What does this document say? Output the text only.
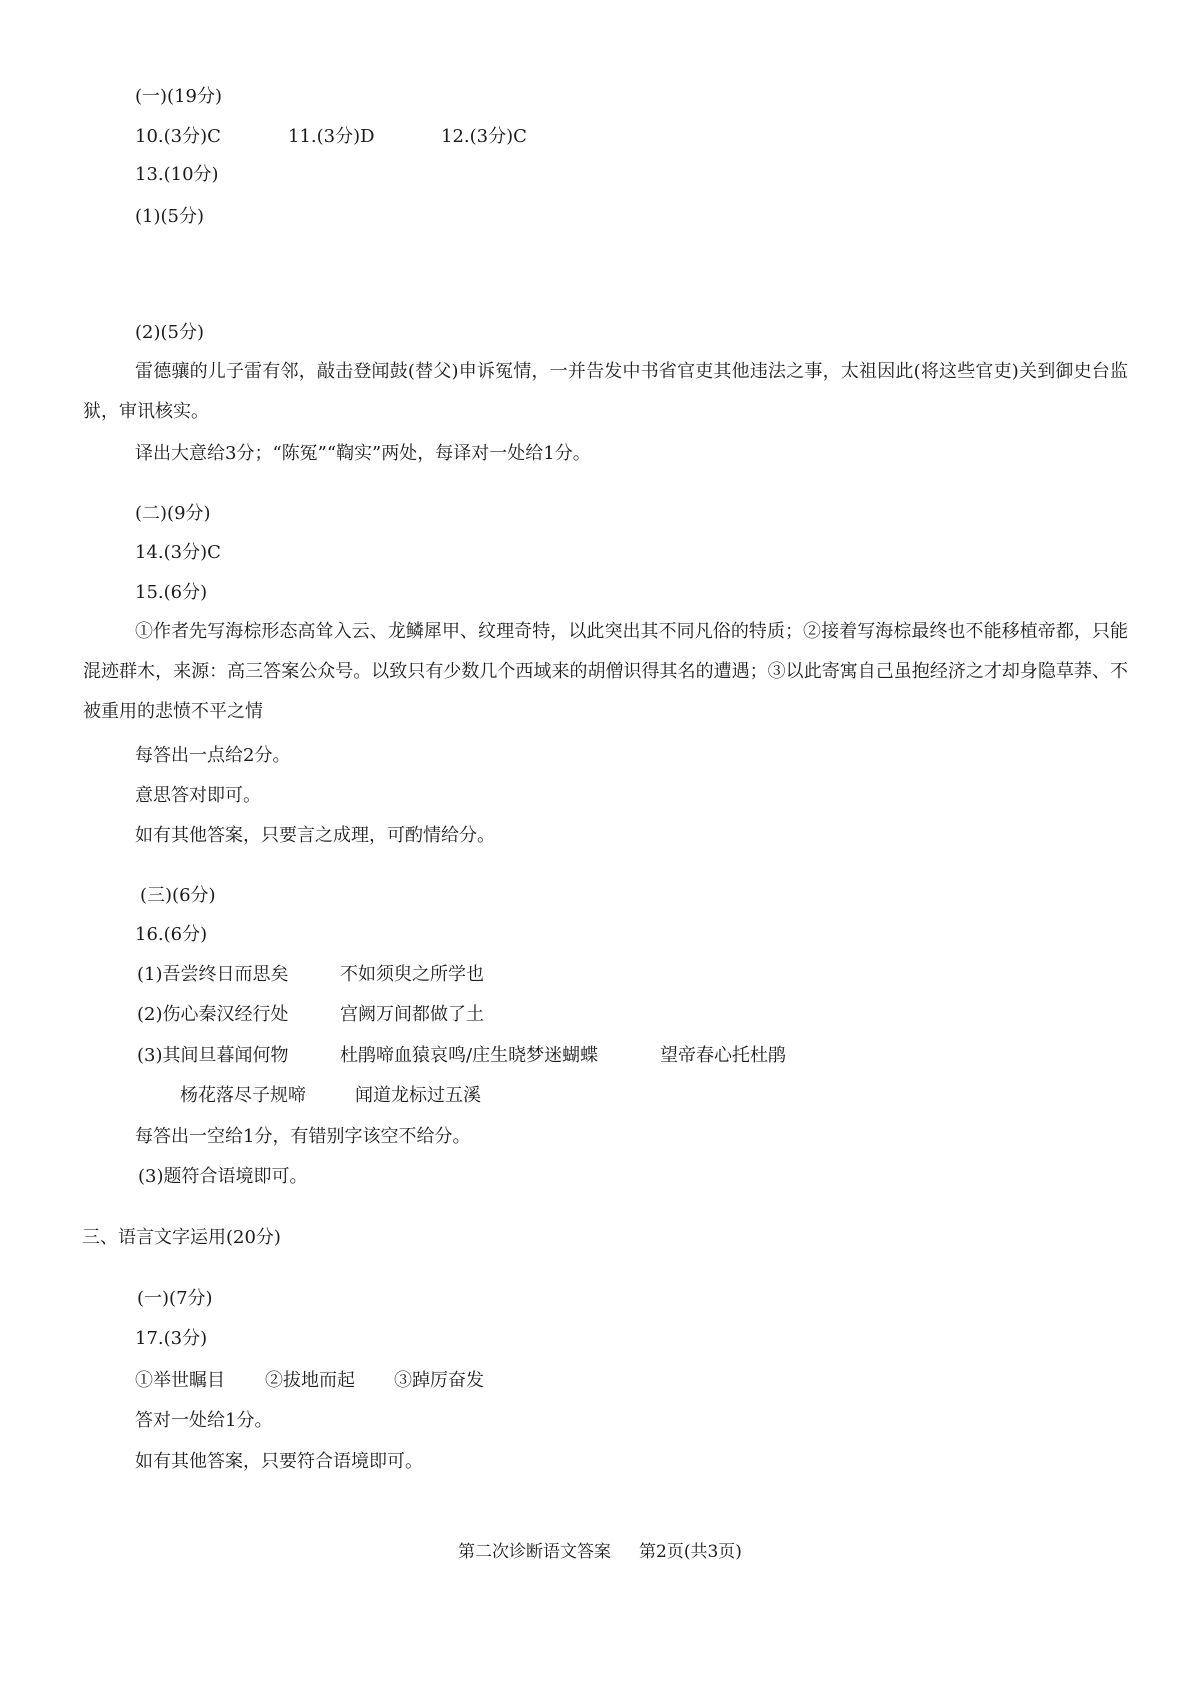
(一)(19分)
10.(3分)C	11.(3分)D	12.(3分)C
13.(10分)
(1)(5分)
(2)(5分)
雷德骧的儿子雷有邻，敲击登闻鼓(替父)申诉冤情，一并告发中书省官吏其他违法之事，太祖因此(将这些官吏)关到御史台监狱，审讯核实。
译出大意给3分；“陈冤”“鞫实”两处，每译对一处给1分。
(二)(9分)
14.(3分)C
15.(6分)
①作者先写海棕形态高耸入云、龙鳞犀甲、纹理奇特，以此突出其不同凡俗的特质；②接着写海棕最终也不能移植帝都，只能混迹群木，来源：高三答案公众号。以致只有少数几个西域来的胡僧识得其名的遭遇；③以此寄寓自己虽抱经济之才却身隐草莽、不被重用的悲愤不平之情
每答出一点给2分。
意思答对即可。
如有其他答案，只要言之成理，可酌情给分。
(三)(6分)
16.(6分)
(1)吾尝终日而思矣	不如须臾之所学也
(2)伤心秦汉经行处	宫阙万间都做了土
(3)其间旦暮闻何物	杜鹃啼血猿哀鸣/庄生晓梦迷蝴蝶	望帝春心托杜鹃
杨花落尽子规啼	闻道龙标过五溪
每答出一空给1分，有错别字该空不给分。
(3)题符合语境即可。
三、语言文字运用(20分)
(一)(7分)
17.(3分)
①举世瞩目 ②拔地而起 ③踔厉奋发
答对一处给1分。
如有其他答案，只要符合语境即可。
第二次诊断语文答案 第2页(共3页)
